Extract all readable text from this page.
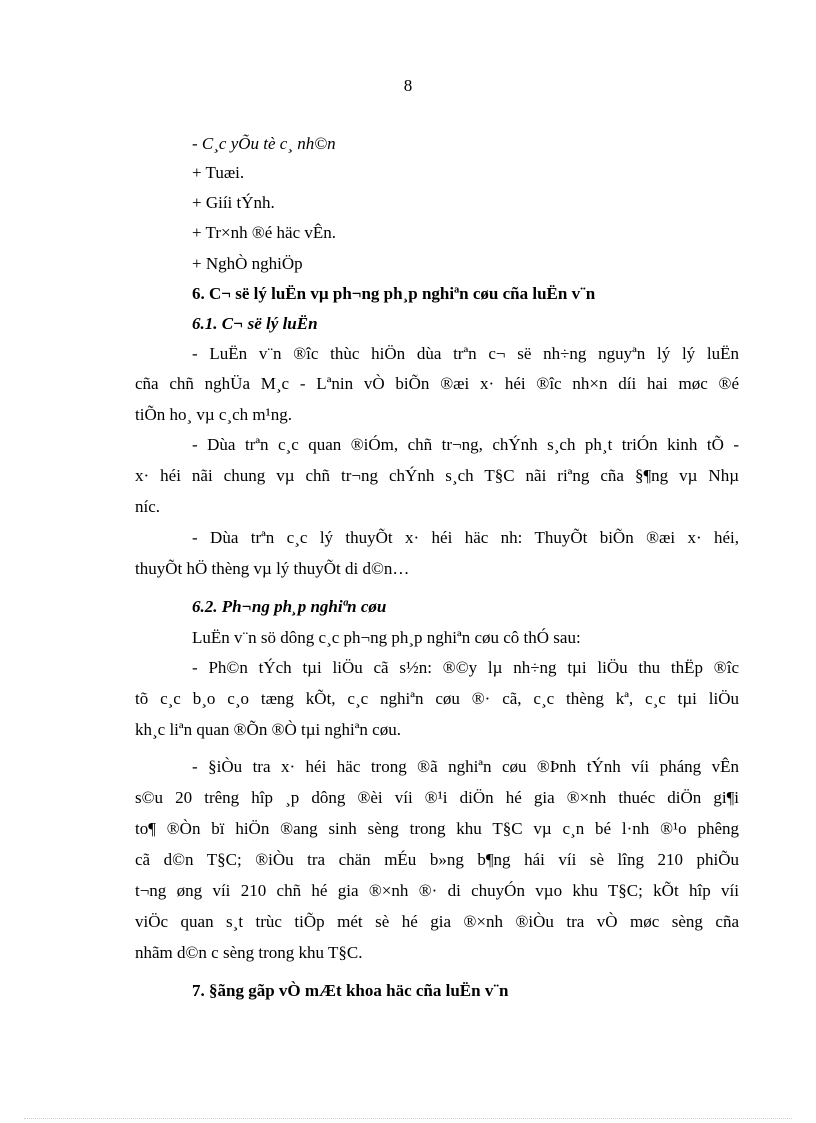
8
- C¸c yÕu tè c¸ nh©n
+ Tuæi.
+ Giíi tÝnh.
+ Tr×nh ®é häc vÊn.
+ NghÒ nghiÖp
6. C¬ së lý luËn vµ ph¬ng ph¸p nghiªn cøu cña luËn v¨n
6.1. C¬ së lý luËn
- LuËn v¨n ®îc thùc hiÖn dùa trªn c¬ së nh÷ng nguyªn lý lý luËn
cña chñ nghÜa M¸c - Lªnin vÒ biÕn ®æi x· héi ®îc nh×n díi hai møc ®é
tiÕn ho¸ vµ c¸ch m¹ng.
- Dùa trªn c¸c quan ®iÓm, chñ tr¬ng, chÝnh s¸ch ph¸t triÓn kinh tÕ -
x· héi nãi chung vµ chñ tr¬ng chÝnh s¸ch T§C nãi riªng cña §¶ng vµ Nhµ
níc.
- Dùa trªn c¸c lý thuyÕt x· héi häc nh: ThuyÕt biÕn ®æi x· héi,
thuyÕt hÖ thèng vµ lý thuyÕt di d©n…
6.2. Ph¬ng ph¸p nghiªn cøu
LuËn v¨n sö dông c¸c ph¬ng ph¸p nghiªn cøu cô thÓ sau:
- Ph©n tÝch tµi liÖu cã s½n: ®©y lµ nh÷ng tµi liÖu thu thËp ®îc
tõ c¸c b¸o c¸o tæng kÕt, c¸c nghiªn cøu ®· cã, c¸c thèng kª, c¸c tµi liÖu
kh¸c liªn quan ®Õn ®Ò tµi nghiªn cøu.
- §iÒu tra x· héi häc trong ®ã nghiªn cøu ®Þnh tÝnh víi pháng vÊn
s©u 20 trêng hîp ¸p dông ®èi víi ®¹i diÖn hé gia ®×nh thuéc diÖn gi¶i
to¶ ®Òn bï hiÖn ®ang sinh sèng trong khu T§C vµ c¸n bé l·nh ®¹o phêng
cã d©n T§C; ®iÒu tra chän mÉu b»ng b¶ng hái víi sè lîng 210 phiÕu
t¬ng øng víi 210 chñ hé gia ®×nh ®· di chuyÓn vµo khu T§C; kÕt hîp víi
viÖc quan s¸t trùc tiÕp mét sè hé gia ®×nh ®iÒu tra vÒ møc sèng cña
nhãm d©n c sèng trong khu T§C.
7. §ãng gãp vÒ mÆt khoa häc cña luËn v¨n
